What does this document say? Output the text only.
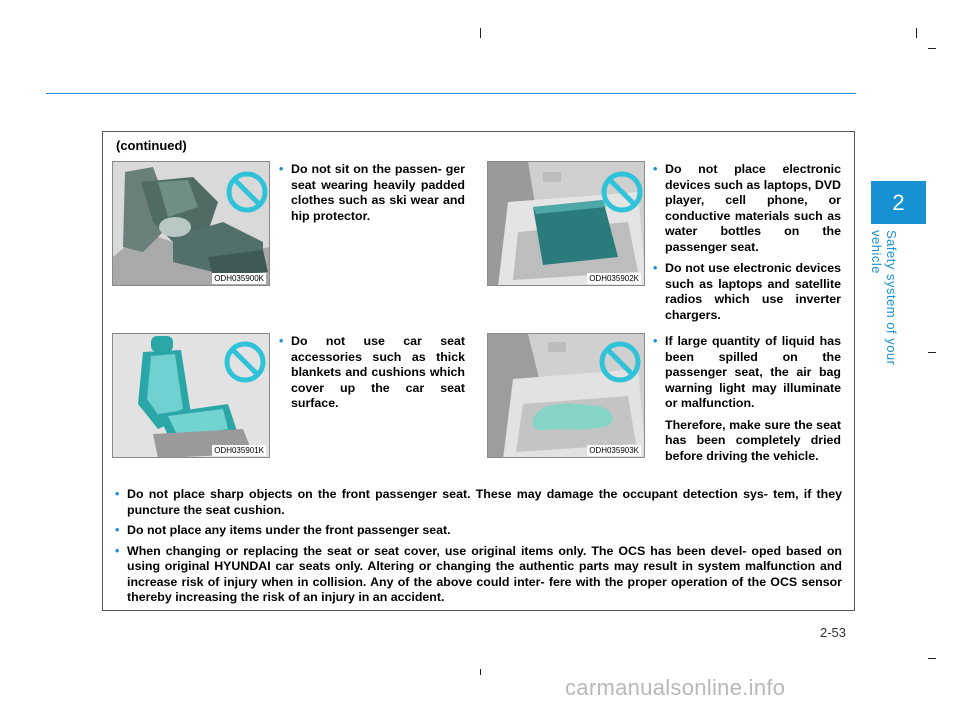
2
Safety system of your vehicle
(continued)
ODH035900K

• Do not sit on the passen- ger seat wearing heavily padded clothes such as ski wear and hip protector.

ODH035902K

• Do not place electronic devices such as laptops, DVD player, cell phone, or conductive materials such as water bottles on the passenger seat.

• Do not use electronic devices such as laptops and satellite radios which use inverter chargers.

ODH035901K

• Do not use car seat accessories such as thick blankets and cushions which cover up the car seat surface.

ODH035903K

• If large quantity of liquid has been spilled on the passenger seat, the air bag warning light may illuminate or malfunction.

Therefore, make sure the seat has been completely dried before driving the vehicle.

• Do not place sharp objects on the front passenger seat. These may damage the occupant detection sys- tem, if they puncture the seat cushion.

• Do not place any items under the front passenger seat.

• When changing or replacing the seat or seat cover, use original items only. The OCS has been devel- oped based on using original HYUNDAI car seats only. Altering or changing the authentic parts may result in system malfunction and increase risk of injury when in collision. Any of the above could inter- fere with the proper operation of the OCS sensor thereby increasing the risk of an injury in an accident.

2-53
carmanualsonline.info
